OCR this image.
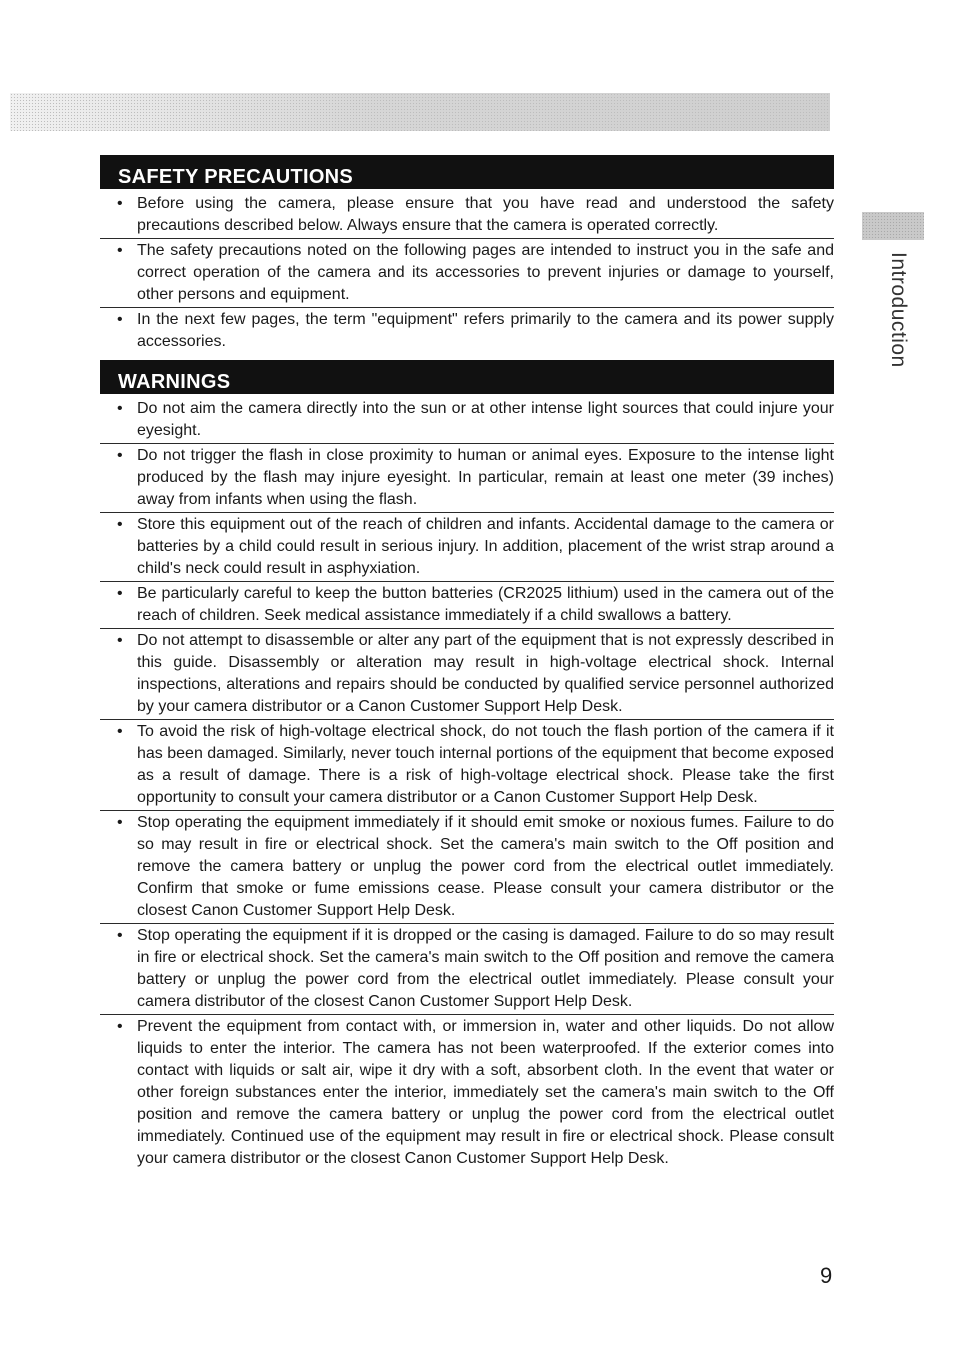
Introduction
SAFETY PRECAUTIONS
• Before using the camera, please ensure that you have read and understood the safety precautions described below. Always ensure that the camera is operated correctly.
• The safety precautions noted on the following pages are intended to instruct you in the safe and correct operation of the camera and its accessories to prevent injuries or damage to yourself, other persons and equipment.
• In the next few pages, the term "equipment" refers primarily to the camera and its power supply accessories.
WARNINGS
• Do not aim the camera directly into the sun or at other intense light sources that could injure your eyesight.
• Do not trigger the flash in close proximity to human or animal eyes. Exposure to the intense light produced by the flash may injure eyesight. In particular, remain at least one meter (39 inches) away from infants when using the flash.
• Store this equipment out of the reach of children and infants. Accidental damage to the camera or batteries by a child could result in serious injury. In addition, placement of the wrist strap around a child's neck could result in asphyxiation.
• Be particularly careful to keep the button batteries (CR2025 lithium) used in the camera out of the reach of children. Seek medical assistance immediately if a child swallows a battery.
• Do not attempt to disassemble or alter any part of the equipment that is not expressly described in this guide. Disassembly or alteration may result in high-voltage electrical shock. Internal inspections, alterations and repairs should be conducted by qualified service personnel authorized by your camera distributor or a Canon Customer Support Help Desk.
• To avoid the risk of high-voltage electrical shock, do not touch the flash portion of the camera if it has been damaged. Similarly, never touch internal portions of the equipment that become exposed as a result of damage. There is a risk of high-voltage electrical shock. Please take the first opportunity to consult your camera distributor or a Canon Customer Support Help Desk.
• Stop operating the equipment immediately if it should emit smoke or noxious fumes. Failure to do so may result in fire or electrical shock. Set the camera's main switch to the Off position and remove the camera battery or unplug the power cord from the electrical outlet immediately. Confirm that smoke or fume emissions cease. Please consult your camera distributor or the closest Canon Customer Support Help Desk.
• Stop operating the equipment if it is dropped or the casing is damaged. Failure to do so may result in fire or electrical shock. Set the camera's main switch to the Off position and remove the camera battery or unplug the power cord from the electrical outlet immediately. Please consult your camera distributor of the closest Canon Customer Support Help Desk.
• Prevent the equipment from contact with, or immersion in, water and other liquids. Do not allow liquids to enter the interior. The camera has not been waterproofed. If the exterior comes into contact with liquids or salt air, wipe it dry with a soft, absorbent cloth. In the event that water or other foreign substances enter the interior, immediately set the camera's main switch to the Off position and remove the camera battery or unplug the power cord from the electrical outlet immediately. Continued use of the equipment may result in fire or electrical shock. Please consult your camera distributor or the closest Canon Customer Support Help Desk.
9
